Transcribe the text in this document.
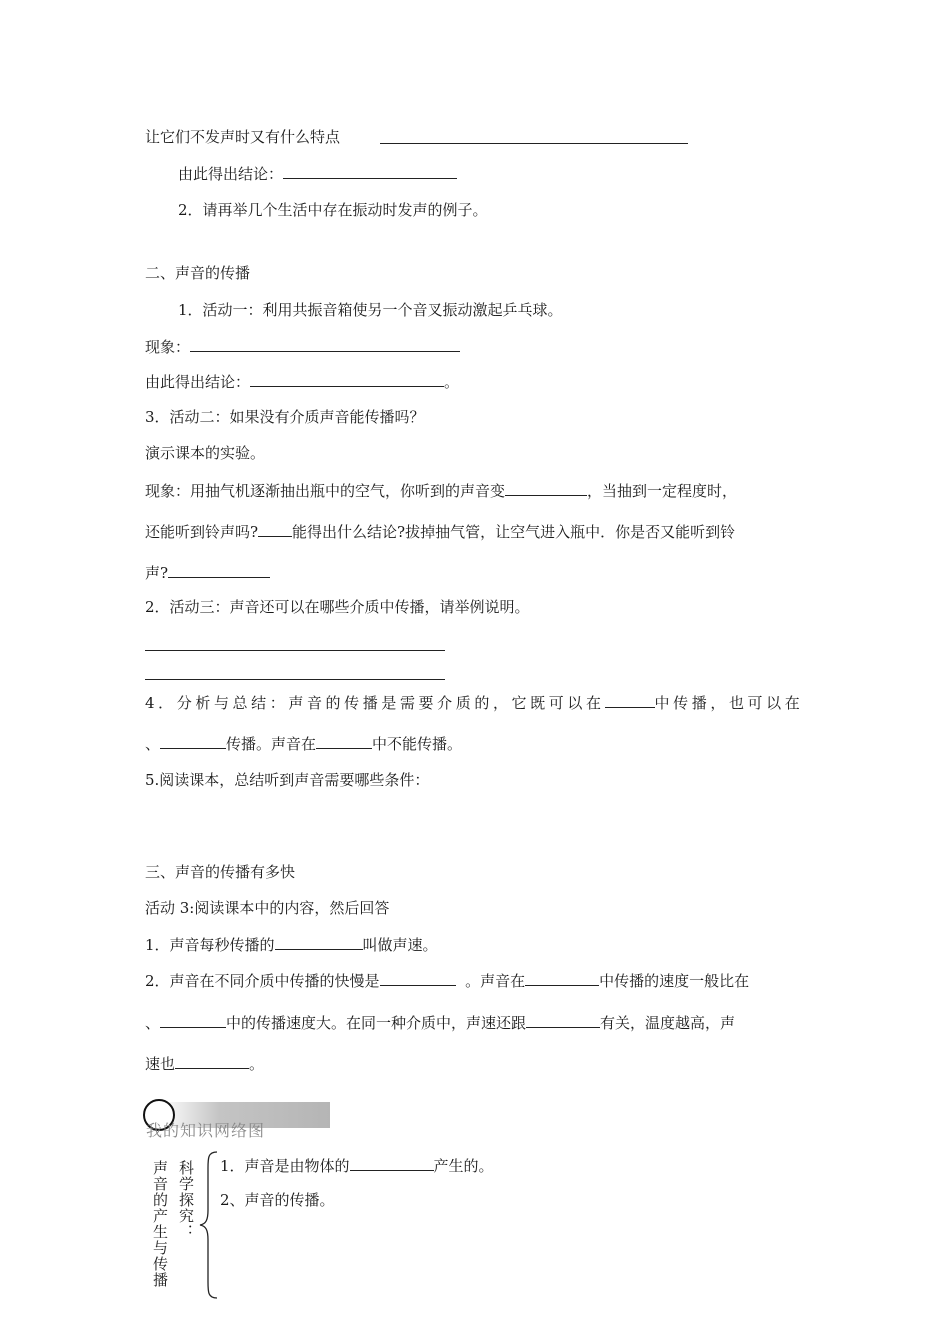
让它们不发声时又有什么特点
由此得出结论：
2．请再举几个生活中存在振动时发声的例子。
二、声音的传播
1．活动一：利用共振音箱使另一个音叉振动激起乒乓球。
现象：
由此得出结论：	。
3．活动二：如果没有介质声音能传播吗？
演示课本的实验。
现象：用抽气机逐渐抽出瓶中的空气，你听到的声音变	，当抽到一定程度时，
还能听到铃声吗? 能得出什么结论?拔掉抽气管，让空气进入瓶中．你是否又能听到铃
声?
2．活动三：声音还可以在哪些介质中传播，请举例说明。
4．分析与总结：声音的传播是需要介质的，它既可以在	中传播，也可以在
、	传播。声音在	中不能传播。
5.阅读课本，总结听到声音需要哪些条件：
三、声音的传播有多快
活动 3:阅读课本中的内容，然后回答
1．声音每秒传播的	叫做声速。
2．声音在不同介质中传播的快慢是	。声音在	中传播的速度一般比在
、	中的传播速度大。在同一种介质中，声速还跟	有关，温度越高，声
速也	。
我的知识网络图
声音的产生与传播 科学探究： 1．声音是由物体的	产生的。
2、声音的传播。
